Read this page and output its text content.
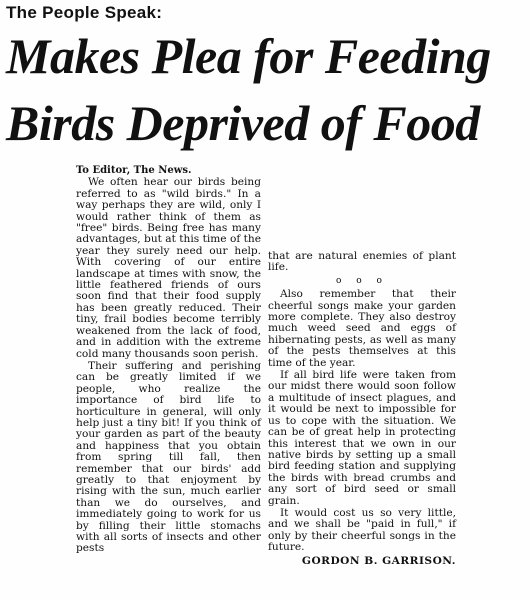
The People Speak:
Makes Plea for Feeding
Birds Deprived of Food

To Editor, The News.

We often hear our birds being referred to as "wild birds." In a way perhaps they are wild, only I would rather think of them as "free" birds. Being free has many advantages, but at this time of the year they surely need our help. With covering of our entire landscape at times with snow, the little feathered friends of ours soon find that their food supply has been greatly reduced. Their tiny, frail bodies become terribly weakened from the lack of food, and in addition with the extreme cold many thousands soon perish.

Their suffering and perishing can be greatly limited if we people, who realize the importance of bird life to horticulture in general, will only help just a tiny bit! If you think of your garden as part of the beauty and happiness that you obtain from spring till fall, then remember that our birds' add greatly to that enjoyment by rising with the sun, much earlier than we do ourselves, and immediately going to work for us by filling their little stomachs with all sorts of insects and other pests

that are natural enemies of plant life.

o o o

Also remember that their cheerful songs make your garden more complete. They also destroy much weed seed and eggs of hibernating pests, as well as many of the pests themselves at this time of the year.

If all bird life were taken from our midst there would soon follow a multitude of insect plagues, and it would be next to impossible for us to cope with the situation. We can be of great help in protecting this interest that we own in our native birds by setting up a small bird feeding station and supplying the birds with bread crumbs and any sort of bird seed or small grain.

It would cost us so very little, and we shall be "paid in full," if only by their cheerful songs in the future.

GORDON B. GARRISON.
